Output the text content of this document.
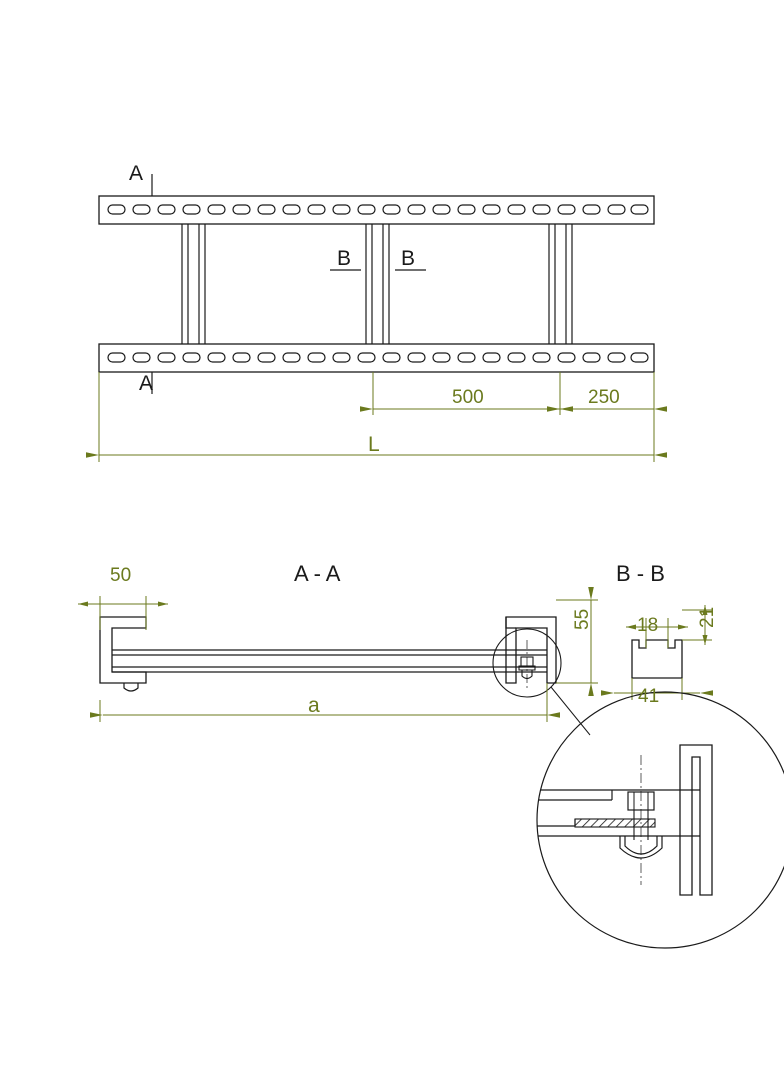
A
A
B B
500	250
L
A - A	B - B
50
a
55 18 21
41
